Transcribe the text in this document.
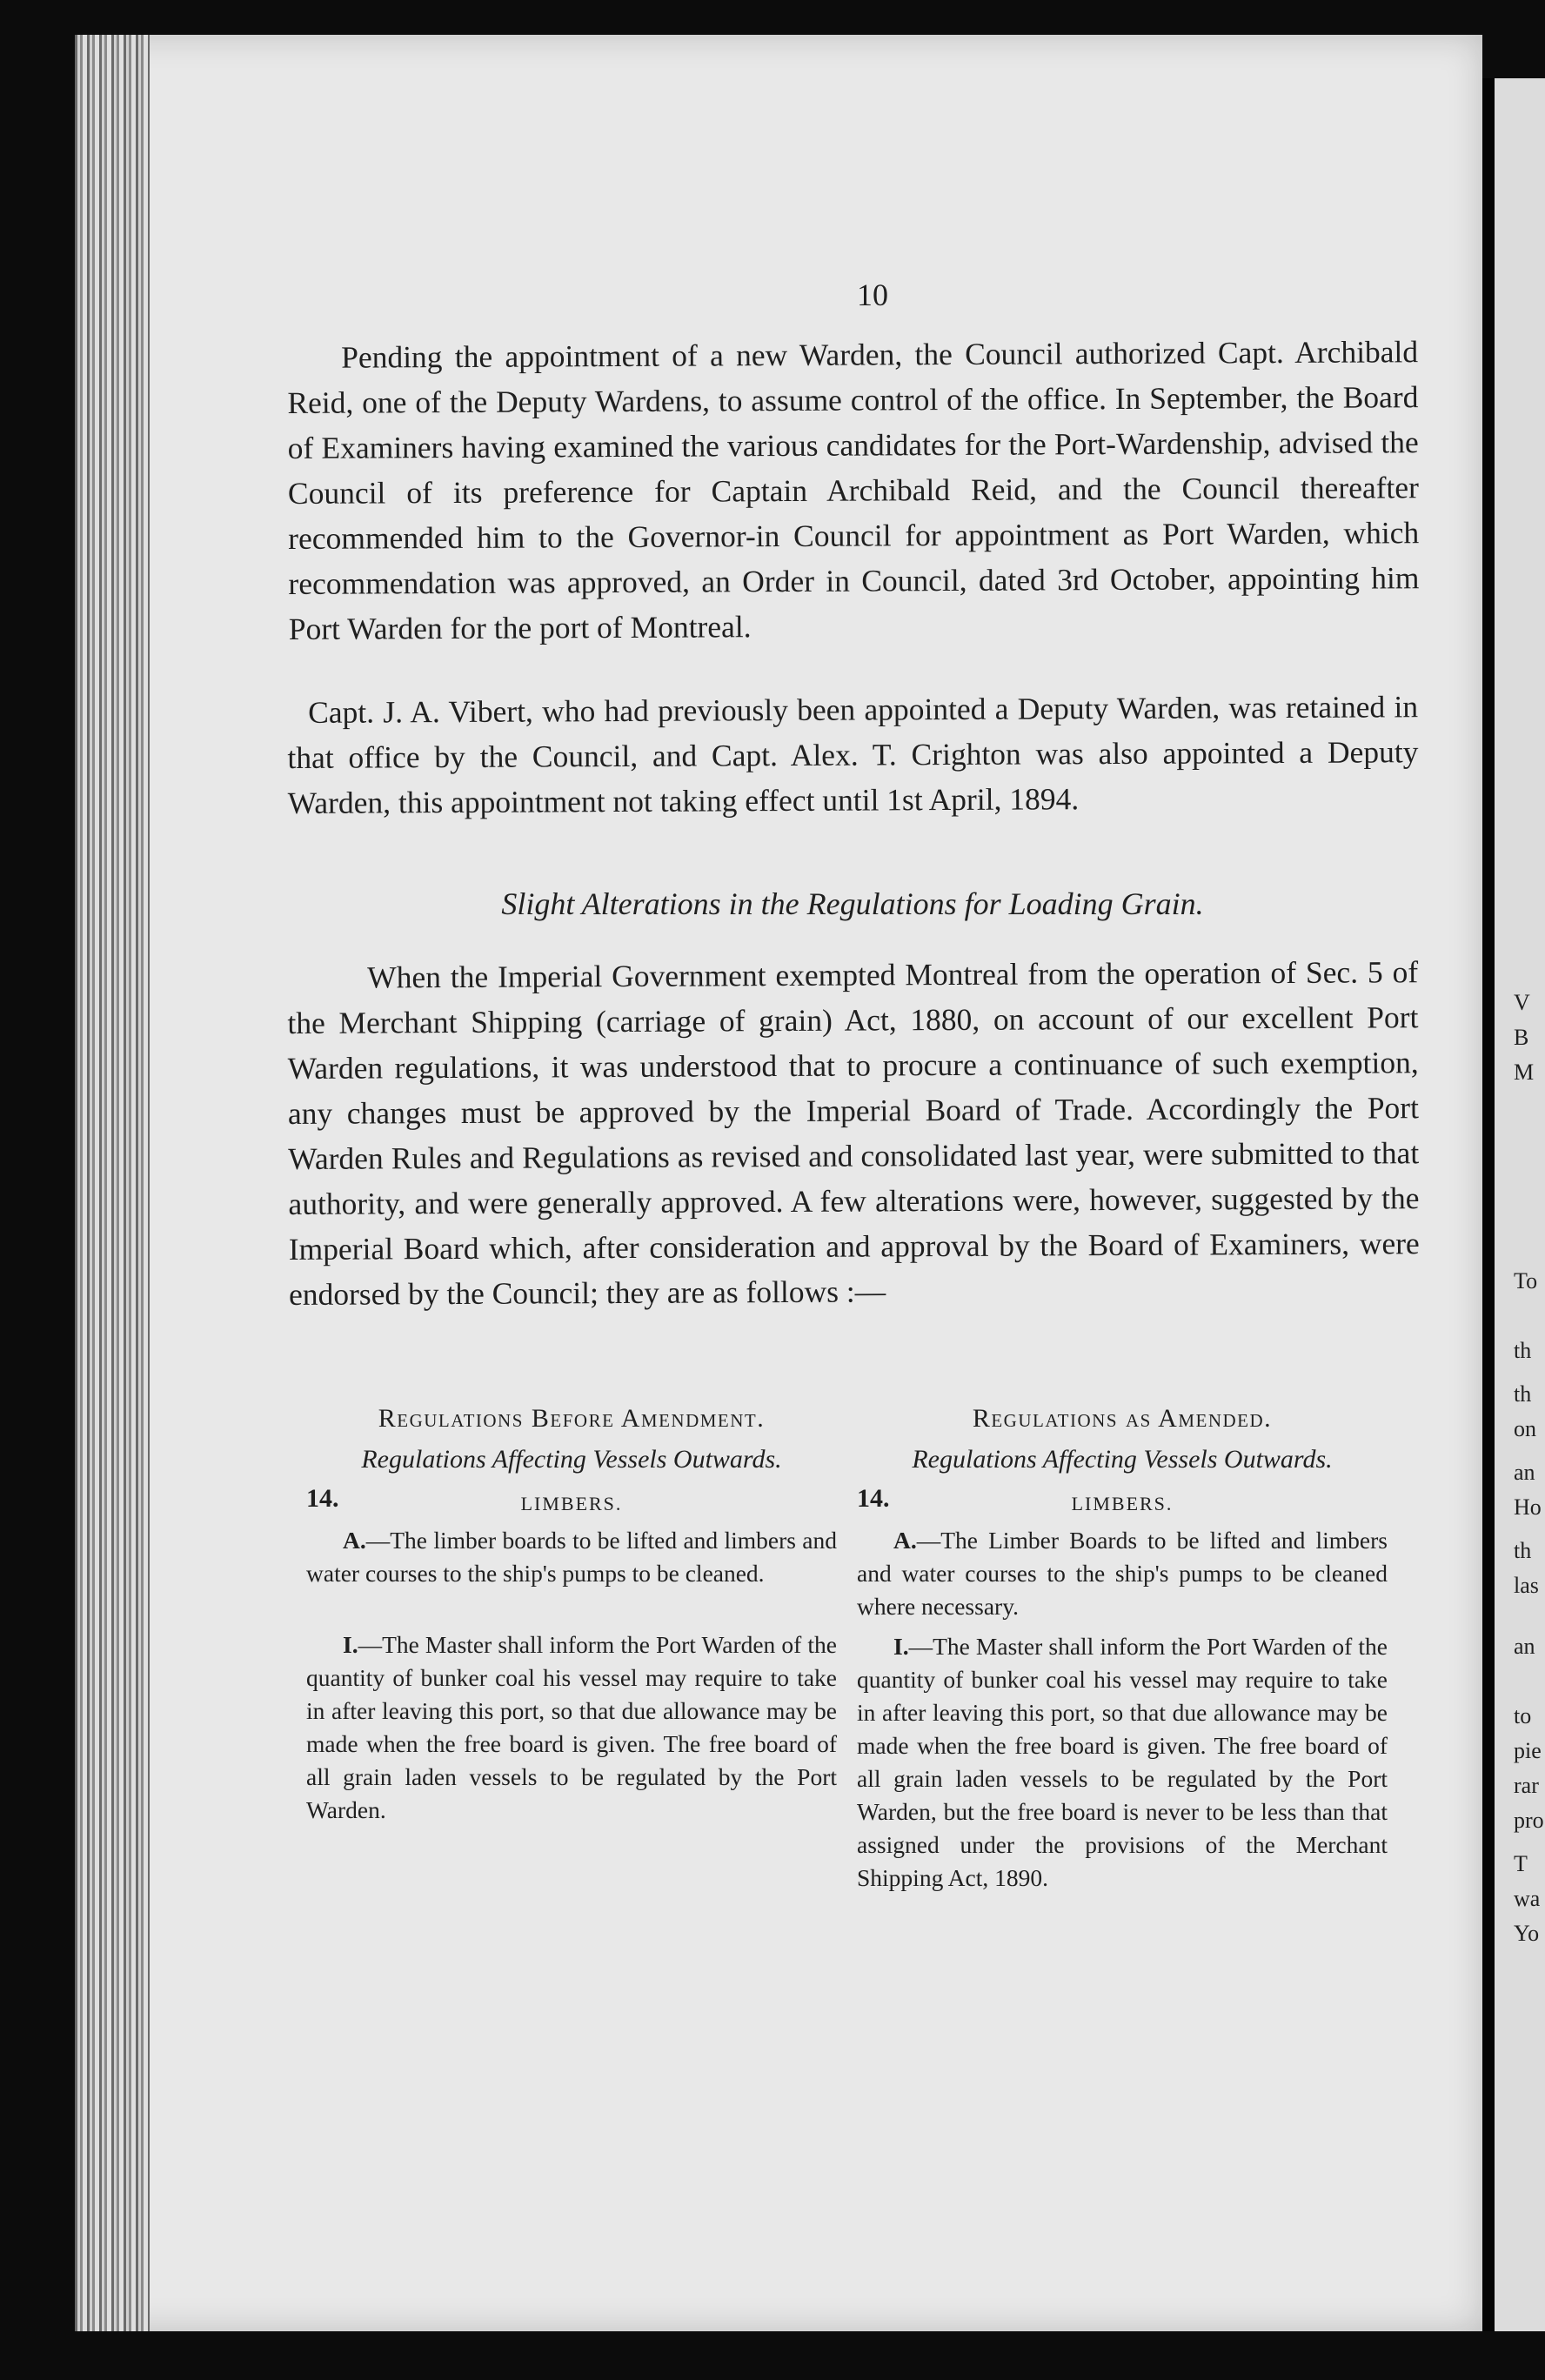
V
B
M
To
th
th
on
an
Ho
th
las
an
to
pie
rar
pro
T
wa
Yo
10

Pending the appointment of a new Warden, the Council authorized Capt. Archibald Reid, one of the Deputy Wardens, to assume control of the office. In September, the Board of Examiners having examined the various candidates for the Port-Wardenship, advised the Council of its preference for Captain Archibald Reid, and the Council thereafter recommended him to the Governor-in Council for appointment as Port Warden, which recommendation was approved, an Order in Council, dated 3rd October, appointing him Port Warden for the port of Montreal.

Capt. J. A. Vibert, who had previously been appointed a Deputy Warden, was retained in that office by the Council, and Capt. Alex. T. Crighton was also appointed a Deputy Warden, this appointment not taking effect until 1st April, 1894.

Slight Alterations in the Regulations for Loading Grain.

When the Imperial Government exempted Montreal from the operation of Sec. 5 of the Merchant Shipping (carriage of grain) Act, 1880, on account of our excellent Port Warden regulations, it was understood that to procure a continuance of such exemption, any changes must be approved by the Imperial Board of Trade. Accordingly the Port Warden Rules and Regulations as revised and consolidated last year, were submitted to that authority, and were generally approved. A few alterations were, however, suggested by the Imperial Board which, after consideration and approval by the Board of Examiners, were endorsed by the Council; they are as follows :—

Regulations Before Amendment.
Regulations Affecting Vessels Outwards.
14.	LIMBERS.

A.—The limber boards to be lifted and limbers and water courses to the ship's pumps to be cleaned.

I.—The Master shall inform the Port Warden of the quantity of bunker coal his vessel may require to take in after leaving this port, so that due allowance may be made when the free board is given. The free board of all grain laden vessels to be regulated by the Port Warden.

Regulations as Amended.
Regulations Affecting Vessels Outwards.
14.	LIMBERS.

A.—The Limber Boards to be lifted and limbers and water courses to the ship's pumps to be cleaned where necessary.

I.—The Master shall inform the Port Warden of the quantity of bunker coal his vessel may require to take in after leaving this port, so that due allowance may be made when the free board is given. The free board of all grain laden vessels to be regulated by the Port Warden, but the free board is never to be less than that assigned under the provisions of the Merchant Shipping Act, 1890.
